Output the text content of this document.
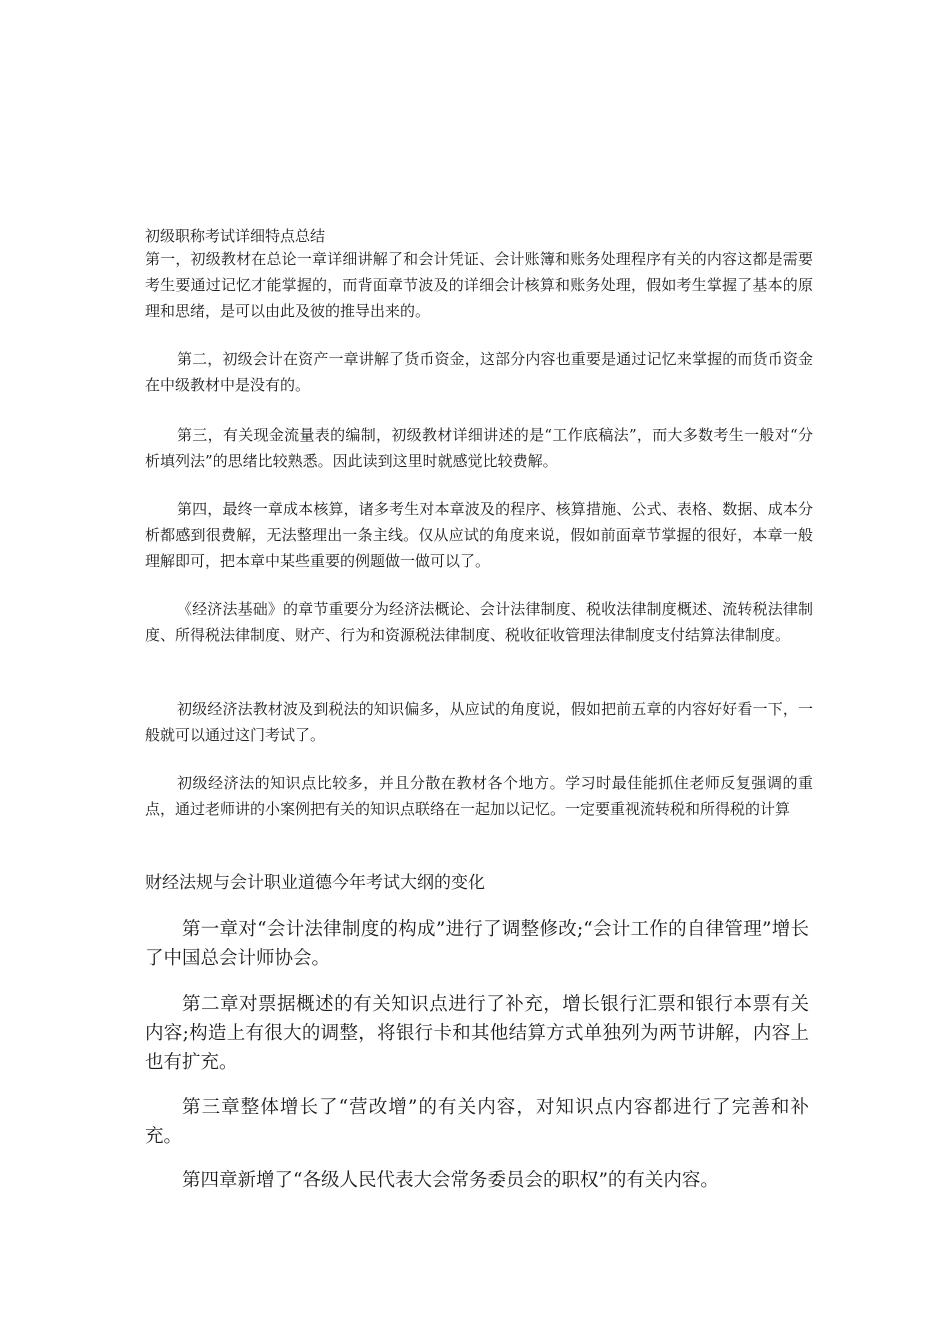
初级职称考试详细特点总结
第一，初级教材在总论一章详细讲解了和会计凭证、会计账簿和账务处理程序有关的内容这都是需要考生要通过记忆才能掌握的，而背面章节波及的详细会计核算和账务处理，假如考生掌握了基本的原理和思绪，是可以由此及彼的推导出来的。
第二，初级会计在资产一章讲解了货币资金，这部分内容也重要是通过记忆来掌握的而货币资金在中级教材中是没有的。
第三，有关现金流量表的编制，初级教材详细讲述的是“工作底稿法”，而大多数考生一般对“分析填列法”的思绪比较熟悉。因此读到这里时就感觉比较费解。
第四，最终一章成本核算，诸多考生对本章波及的程序、核算措施、公式、表格、数据、成本分析都感到很费解，无法整理出一条主线。仅从应试的角度来说，假如前面章节掌握的很好，本章一般理解即可，把本章中某些重要的例题做一做可以了。
《经济法基础》的章节重要分为经济法概论、会计法律制度、税收法律制度概述、流转税法律制度、所得税法律制度、财产、行为和资源税法律制度、税收征收管理法律制度支付结算法律制度。
初级经济法教材波及到税法的知识偏多，从应试的角度说，假如把前五章的内容好好看一下，一般就可以通过这门考试了。
初级经济法的知识点比较多，并且分散在教材各个地方。学习时最佳能抓住老师反复强调的重点，通过老师讲的小案例把有关的知识点联络在一起加以记忆。一定要重视流转税和所得税的计算
财经法规与会计职业道德今年考试大纲的变化
第一章对“会计法律制度的构成”进行了调整修改;“会计工作的自律管理”增长了中国总会计师协会。
第二章对票据概述的有关知识点进行了补充，增长银行汇票和银行本票有关内容;构造上有很大的调整，将银行卡和其他结算方式单独列为两节讲解，内容上也有扩充。
第三章整体增长了“营改增”的有关内容，对知识点内容都进行了完善和补充。
第四章新增了“各级人民代表大会常务委员会的职权”的有关内容。
